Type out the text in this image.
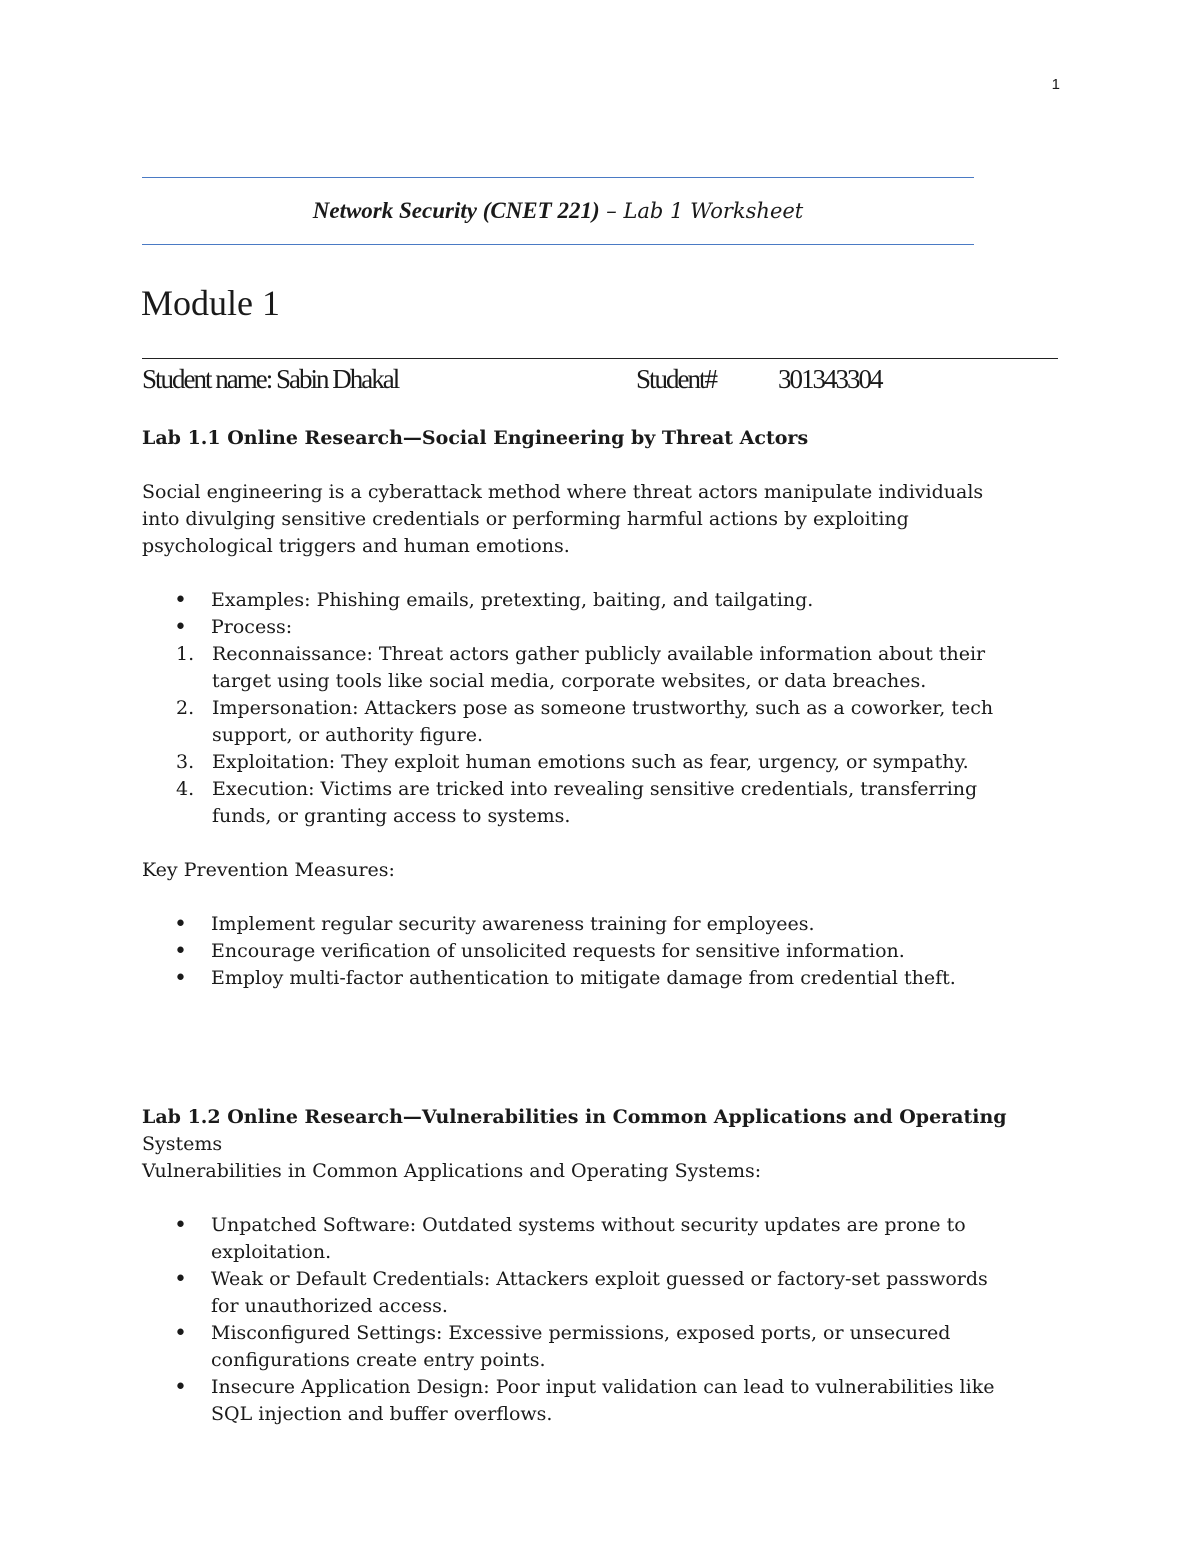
1
Network Security (CNET 221) – Lab 1 Worksheet
Module 1
Student name: Sabin Dhakal	Student# 301343304

Lab 1.1 Online Research—Social Engineering by Threat Actors

Social engineering is a cyberattack method where threat actors manipulate individuals into divulging sensitive credentials or performing harmful actions by exploiting psychological triggers and human emotions.

• Examples: Phishing emails, pretexting, baiting, and tailgating.
• Process:
1. Reconnaissance: Threat actors gather publicly available information about their target using tools like social media, corporate websites, or data breaches.
2. Impersonation: Attackers pose as someone trustworthy, such as a coworker, tech support, or authority figure.
3. Exploitation: They exploit human emotions such as fear, urgency, or sympathy.
4. Execution: Victims are tricked into revealing sensitive credentials, transferring funds, or granting access to systems.

Key Prevention Measures:

• Implement regular security awareness training for employees.
• Encourage verification of unsolicited requests for sensitive information.
• Employ multi-factor authentication to mitigate damage from credential theft.

Lab 1.2 Online Research—Vulnerabilities in Common Applications and Operating Systems

Vulnerabilities in Common Applications and Operating Systems:

• Unpatched Software: Outdated systems without security updates are prone to exploitation.
• Weak or Default Credentials: Attackers exploit guessed or factory-set passwords for unauthorized access.
• Misconfigured Settings: Excessive permissions, exposed ports, or unsecured configurations create entry points.
• Insecure Application Design: Poor input validation can lead to vulnerabilities like SQL injection and buffer overflows.
